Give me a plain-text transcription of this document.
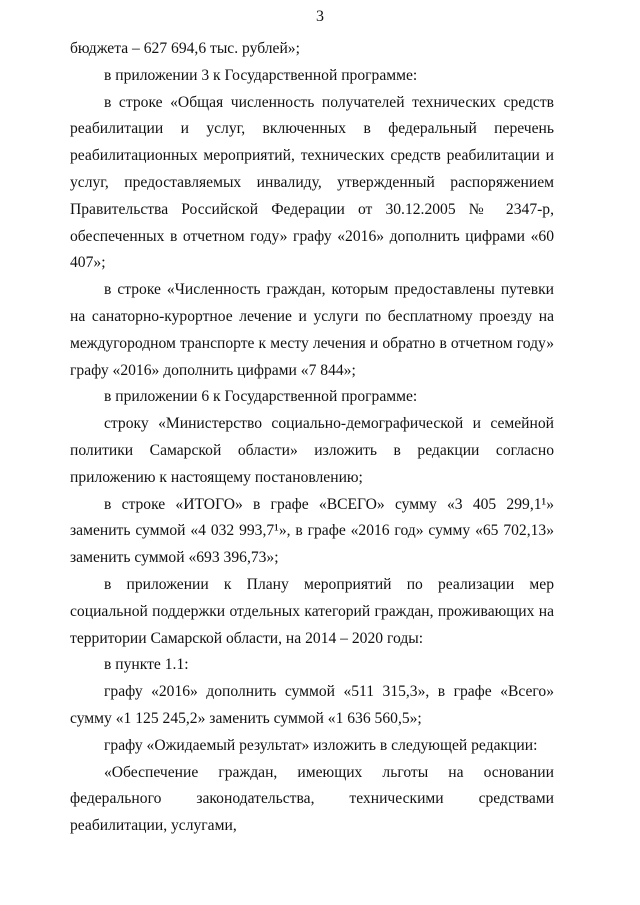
3

бюджета – 627 694,6 тыс. рублей»;

в приложении 3 к Государственной программе:

в строке «Общая численность получателей технических средств реабилитации и услуг, включенных в федеральный перечень реабилитационных мероприятий, технических средств реабилитации и услуг, предоставляемых инвалиду, утвержденный распоряжением Правительства Российской Федерации от 30.12.2005 № 2347-р, обеспеченных в отчетном году» графу «2016» дополнить цифрами «60 407»;

в строке «Численность граждан, которым предоставлены путевки на санаторно-курортное лечение и услуги по бесплатному проезду на междугородном транспорте к месту лечения и обратно в отчетном году» графу «2016» дополнить цифрами «7 844»;

в приложении 6 к Государственной программе:

строку «Министерство социально-демографической и семейной политики Самарской области» изложить в редакции согласно приложению к настоящему постановлению;

в строке «ИТОГО» в графе «ВСЕГО» сумму «3 405 299,1¹» заменить суммой «4 032 993,7¹», в графе «2016 год» сумму «65 702,13» заменить суммой «693 396,73»;

в приложении к Плану мероприятий по реализации мер социальной поддержки отдельных категорий граждан, проживающих на территории Самарской области, на 2014 – 2020 годы:

в пункте 1.1:

графу «2016» дополнить суммой «511 315,3», в графе «Всего» сумму «1 125 245,2» заменить суммой «1 636 560,5»;

графу «Ожидаемый результат» изложить в следующей редакции:

«Обеспечение граждан, имеющих льготы на основании федерального законодательства, техническими средствами реабилитации, услугами,
